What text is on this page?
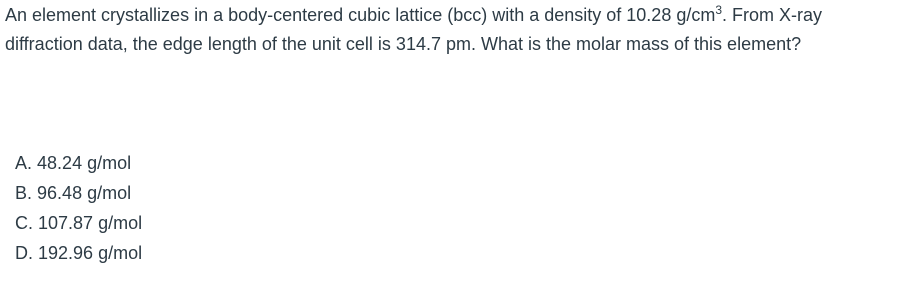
An element crystallizes in a body-centered cubic lattice (bcc) with a density of 10.28 $g/cm^3$. From X-ray diffraction data, the edge length of the unit cell is 314.7 pm. What is the molar mass of this element?

A. 48.24 g/mol
B. 96.48 g/mol
C. 107.87 g/mol
D. 192.96 g/mol
